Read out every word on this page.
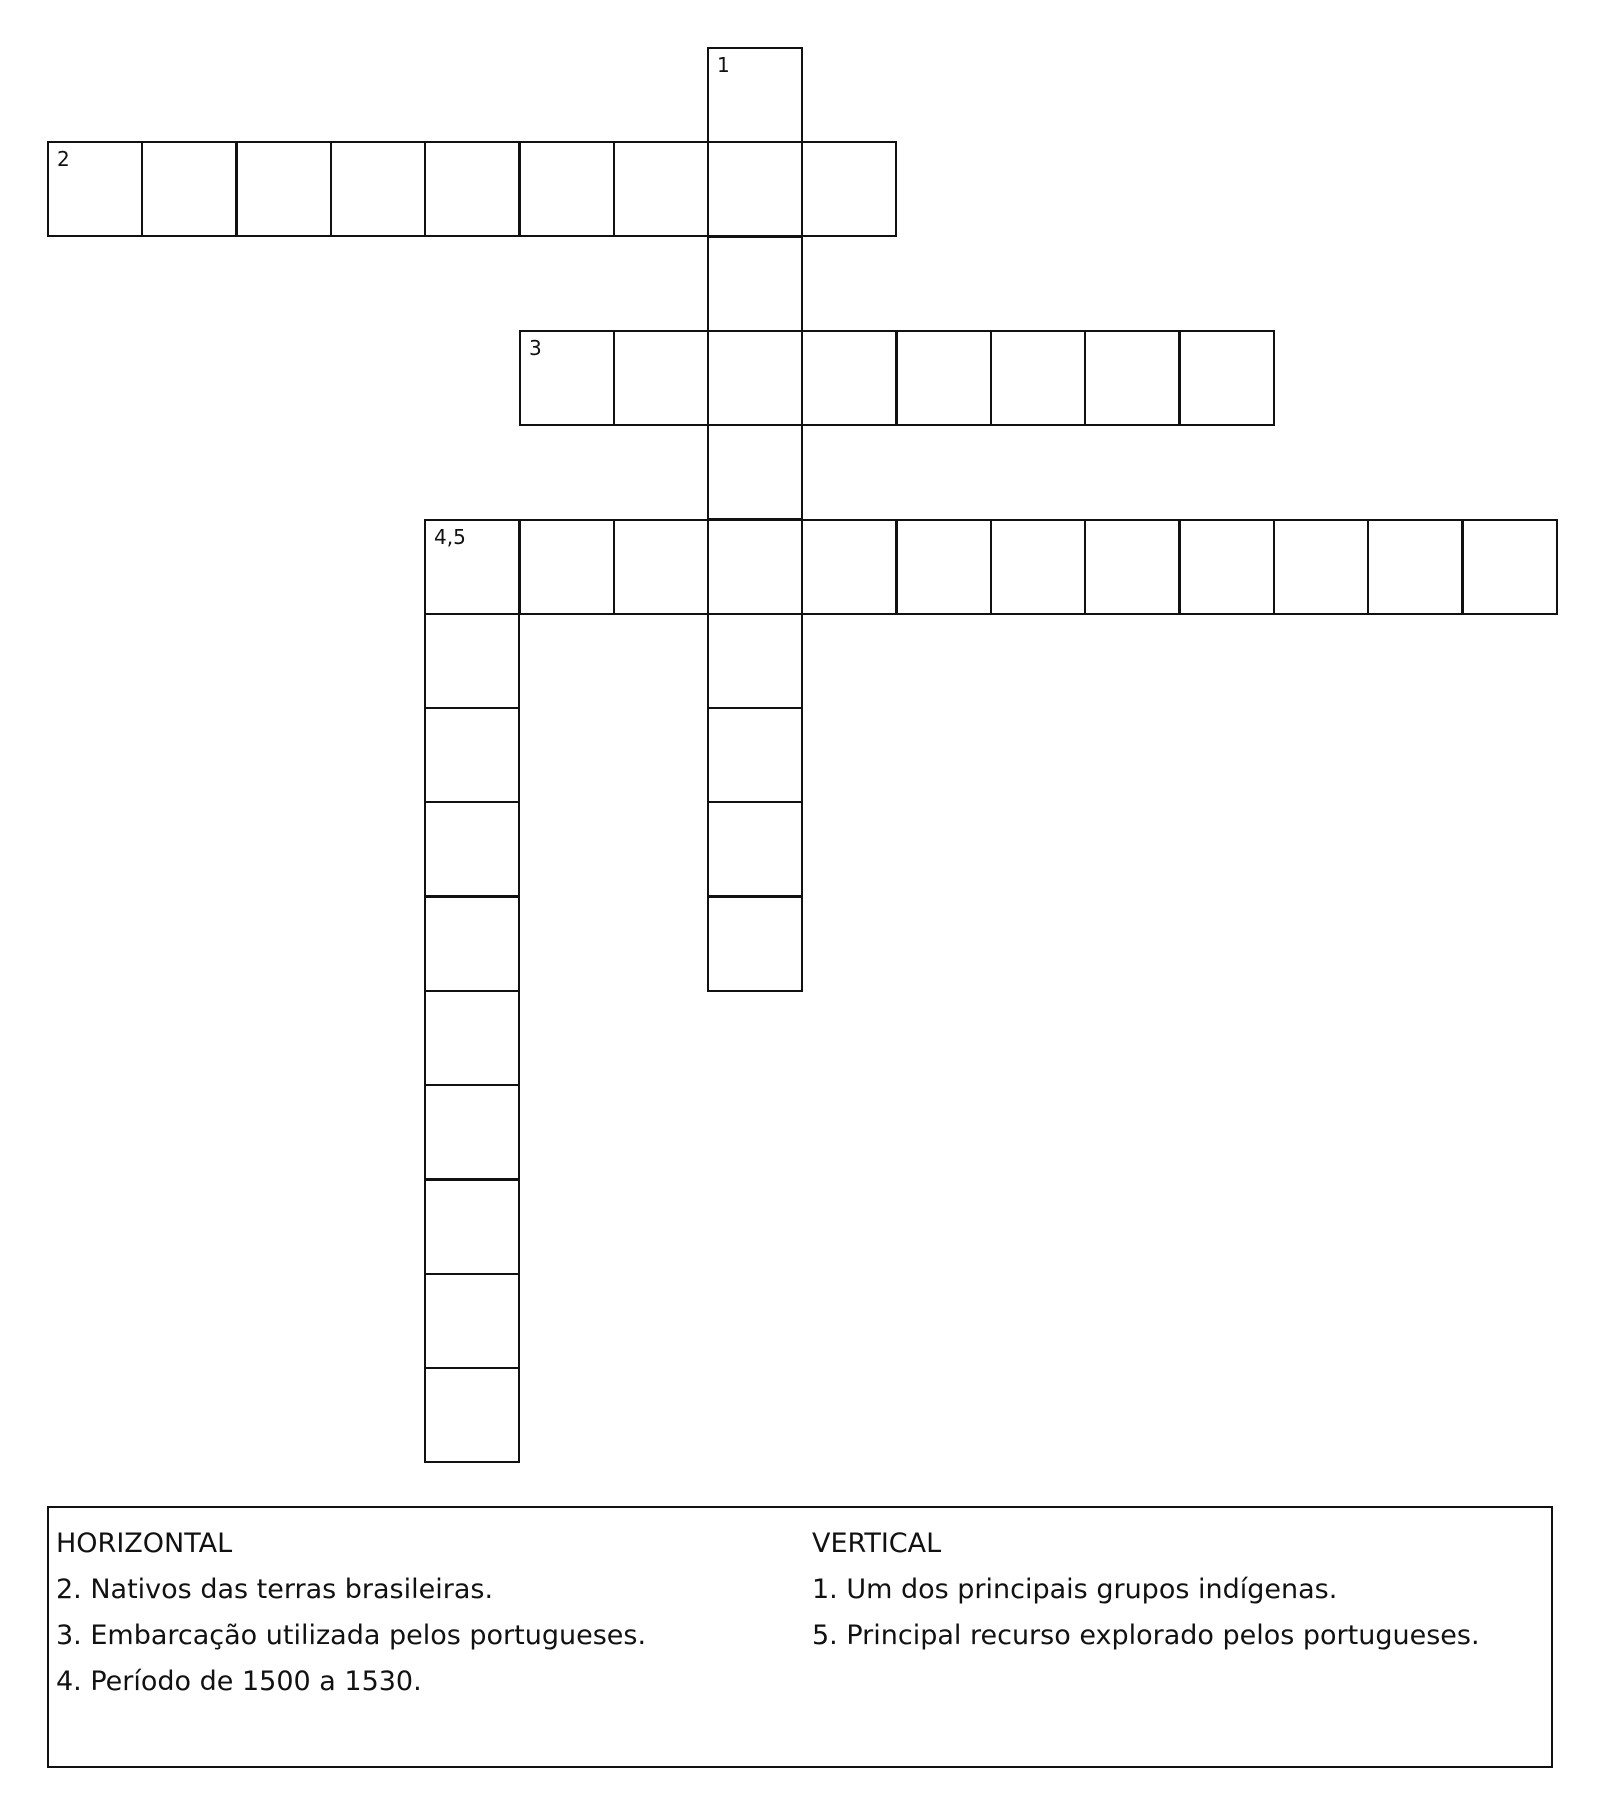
1
2
3
4,5
HORIZONTAL
2. Nativos das terras brasileiras.
3. Embarcação utilizada pelos portugueses.
4. Período de 1500 a 1530.
VERTICAL
1. Um dos principais grupos indígenas.
5. Principal recurso explorado pelos portugueses.
